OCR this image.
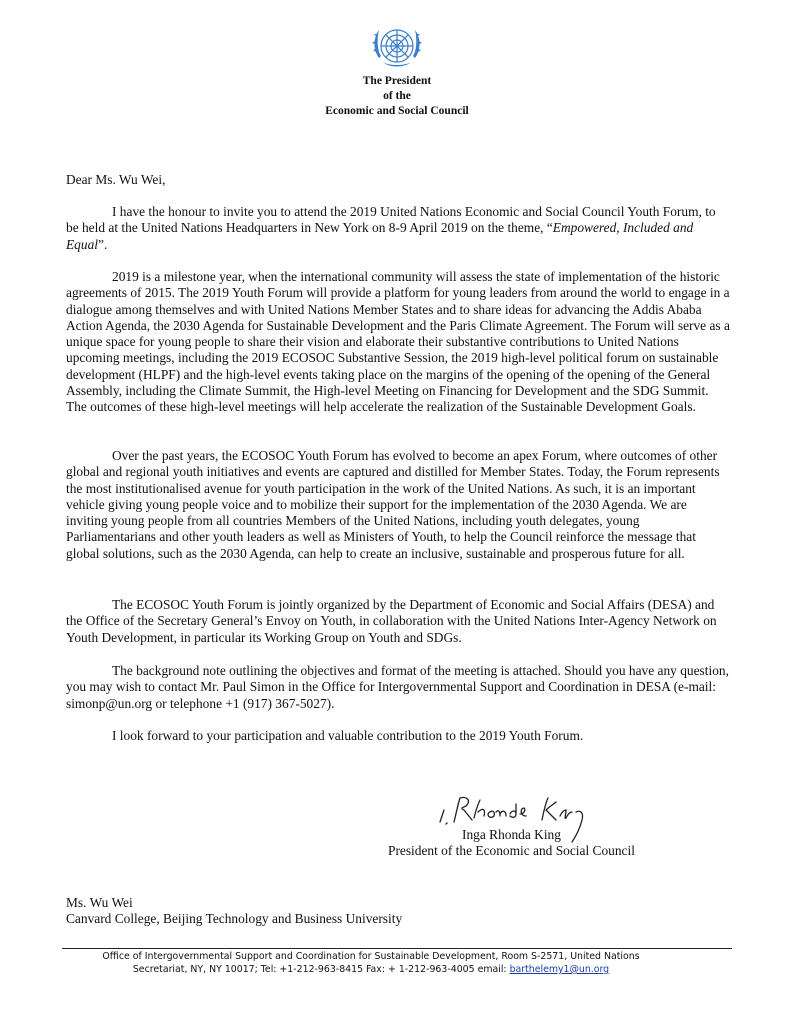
The President
of the
Economic and Social Council
Dear Ms. Wu Wei,

I have the honour to invite you to attend the 2019 United Nations Economic and Social Council Youth Forum, to be held at the United Nations Headquarters in New York on 8-9 April 2019 on the theme, “Empowered, Included and Equal”.

2019 is a milestone year, when the international community will assess the state of implementation of the historic agreements of 2015. The 2019 Youth Forum will provide a platform for young leaders from around the world to engage in a dialogue among themselves and with United Nations Member States and to share ideas for advancing the Addis Ababa Action Agenda, the 2030 Agenda for Sustainable Development and the Paris Climate Agreement. The Forum will serve as a unique space for young people to share their vision and elaborate their substantive contributions to United Nations upcoming meetings, including the 2019 ECOSOC Substantive Session, the 2019 high-level political forum on sustainable development (HLPF) and the high-level events taking place on the margins of the opening of the opening of the General Assembly, including the Climate Summit, the High-level Meeting on Financing for Development and the SDG Summit. The outcomes of these high-level meetings will help accelerate the realization of the Sustainable Development Goals.

Over the past years, the ECOSOC Youth Forum has evolved to become an apex Forum, where outcomes of other global and regional youth initiatives and events are captured and distilled for Member States. Today, the Forum represents the most institutionalised avenue for youth participation in the work of the United Nations. As such, it is an important vehicle giving young people voice and to mobilize their support for the implementation of the 2030 Agenda. We are inviting young people from all countries Members of the United Nations, including youth delegates, young Parliamentarians and other youth leaders as well as Ministers of Youth, to help the Council reinforce the message that global solutions, such as the 2030 Agenda, can help to create an inclusive, sustainable and prosperous future for all.

The ECOSOC Youth Forum is jointly organized by the Department of Economic and Social Affairs (DESA) and the Office of the Secretary General’s Envoy on Youth, in collaboration with the United Nations Inter-Agency Network on Youth Development, in particular its Working Group on Youth and SDGs.

The background note outlining the objectives and format of the meeting is attached. Should you have any question, you may wish to contact Mr. Paul Simon in the Office for Intergovernmental Support and Coordination in DESA (e-mail: simonp@un.org or telephone +1 (917) 367-5027).

I look forward to your participation and valuable contribution to the 2019 Youth Forum.

Inga Rhonda King
President of the Economic and Social Council
Ms. Wu Wei
Canvard College, Beijing Technology and Business University
Office of Intergovernmental Support and Coordination for Sustainable Development, Room S-2571, United Nations
Secretariat, NY, NY 10017; Tel: +1-212-963-8415 Fax: + 1-212-963-4005 email: barthelemy1@un.org
